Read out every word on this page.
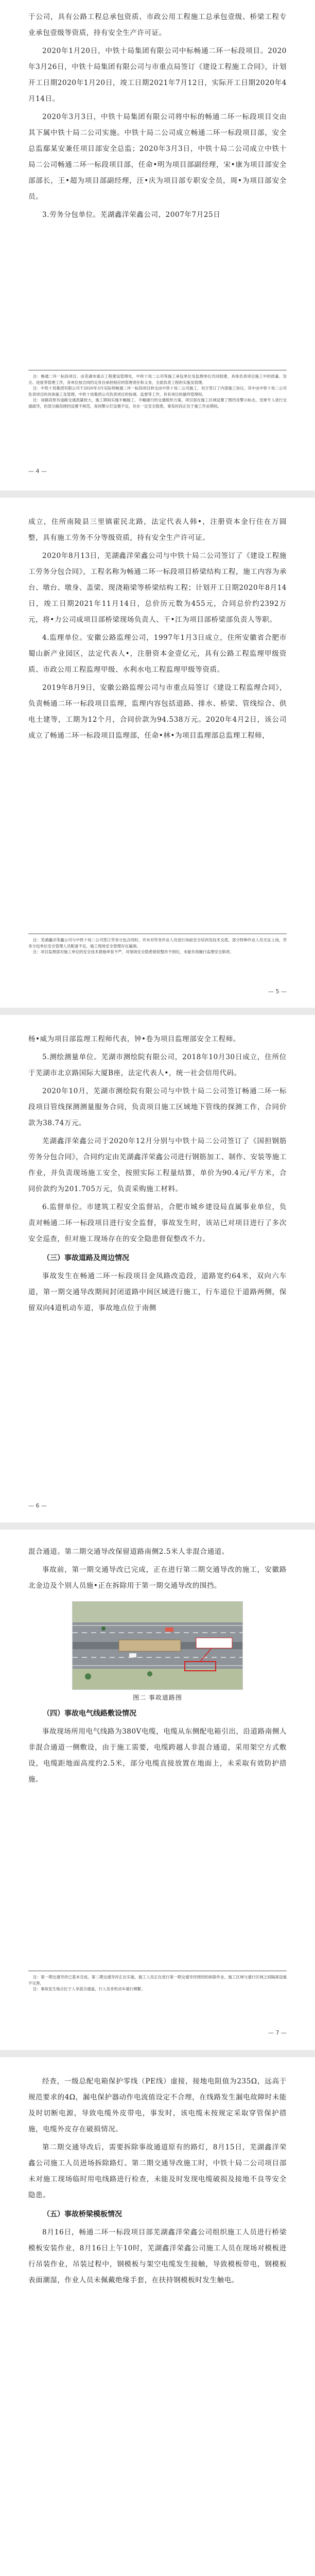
于公司，具有公路工程总承包资质、市政公用工程施工总承包壹级、桥梁工程专业承包壹级等资质，持有安全生产许可证。

2020年1月20日，中铁十局集团有限公司中标畅通二环一标段项目。2020年3月26日，中铁十局集团有限公司与市重点局签订《建设工程施工合同》，计划开工日期2020年1月20日，竣工日期2021年7月12日，实际开工日期2020年4月14日。

2020年3月3日，中铁十局集团有限公司将中标的畅通二环一标段项目交由其下属中铁十局二公司实施。中铁十局二公司成立畅通二环一标段项目部，安全总监鄢某安兼任项目部安全总监；2020年3月3日，中铁十局二公司成立中铁十局二公司畅通二环一标段项目部，任命•明为项目部副经理，宋•康为项目部安全部部长，王•超为项目部副经理，汪•庆为项目部专职安全员，周•为项目部安全员。

3.劳务分包单位。芜湖鑫洋荣鑫公司，2007年7月25日

注：畅通二环一标段项目，由芜湖市重点工程建设管理处，中铁十局二公司等施工承包单位及监理单位共同组建，具体负责项目施工中的质量、安全、进度等管理工作，各单位按合同约定各自承担相应的管理责任和义务，全面负责工程的实施及管理。

注：中铁十局集团有限公司于2020年3月实际将畅通二环一标段项目转交由中铁十局二公司施工，双方签订了内部施工协议，其中由中铁十局二公司负责项目的具体施工及管理，中铁十局集团公司负责项目的协调、监督等工作，具有项目的最终管理权。

注：该路段原有道路交通流量较大，施工期间实施半幅施工、半幅通行的交通组织方案，项目部在施工区域设置了围挡及警示标志，安排专人进行交通疏导，但部分路段围挡设置不规范，夜间警示灯设置不足，存在一定安全隐患，事发时段正处于施工作业期间。

— 4 —

成立，住所南陵县三里镇霍民北路，法定代表人韩•，注册资本金行住在万圆整，具有施工劳务不分等级资质，持有安全生产许可证。

2020年8月13日，芜湖鑫洋荣鑫公司与中铁十局二公司签订了《建设工程施工劳务分包合同》，工程名称为畅通二环一标段项目桥梁结构工程，施工内容为承台、墩台、墩身、盖梁、现浇箱梁等桥梁结构工程；计划开工日期2020年8月14日，竣工日期2021年11月14日，总价历元数为455元，合同总价约2392万元，将•力公司成项目部桥梁现场负责人、干•江为项目部桥梁部负责人等职。

4.监理单位。安徽公路监理公司，1997年1月3日成立，住所安徽省合肥市蜀山新产业园区，法定代表人•，注册资本金壹亿元，具有公路工程监理甲级资质、市政公用工程监理甲级、水利水电工程监理甲级等资质。

2019年8月9日，安徽公路监理公司与市重点局签订《建设工程监理合同》，负责畅通二环一标段项目监理，监理内容包括道路、排水、桥梁、管线综合、供电土建等，工期为12个月，合同价款为94.538万元。2020年4月2日，该公司成立了畅通二环一标段项目监理部，任命•林•为项目监理部总监理工程师，

注：芜湖鑫洋荣鑫公司与中铁十局二公司签订劳务分包合同时，并未对劳务作业人员进行岗前安全培训及技术交底，部分特种作业人员无证上岗，劳务分包单位安全管理人员配备不足，施工现场安全管理存在漏洞。

注：项目监理部对施工单位的安全技术措施审查不严，对现场安全隐患督促整改不到位，未能有效履行监理安全职责。

— 5 —

杨•威为项目部监理工程师代表，钟•卷为项目监理部安全工程师。

5.测绘测量单位。芜湖市测绘院有限公司，2018年10月30日成立，住所位于芜湖市北京路国际大厦B座，法定代表人•，统一社会信用代码。

2020年10月，芜湖市测绘院有限公司与中铁十局二公司签订畅通二环一标段项目管线探测测量服务合同，负责项目施工区域地下管线的探测工作，合同价款为38.74万元。

芜湖鑫洋荣鑫公司于2020年12月分别与中铁十局二公司签订了《国担钢筋劳务分包合同》，合同约定由芜湖鑫洋荣鑫公司进行钢筋加工、制作、安装等施工作业，并负责现场施工安全，按照实际工程量结算，单价为90.4元/平方米，合同价款约为201.705万元，负责采购施工材料。

6.监督单位。市建筑工程安全监督站，合肥市城乡建设局直属事业单位，负责对畅通二环一标段项目进行安全监督，事故发生时，该站已对项目进行了多次安全巡查，但对施工现场存在的安全隐患督促整改不力。

（三）事故道路及周边情况

事故发生在畅通二环一标段项目金凤路改造段，道路宽约64米，双向六车道，第一期交通导改期间封闭道路中间区域进行施工，行车道位于道路两侧，保留双向4道机动车道，事故地点位于南侧

— 6 —

混合通道。第二期交通导改保留道路南侧2.5米人非混合通道。

事故前，第一期交通导改已完成，正在进行第二期交通导改的施工，安徽路北金边及个别人员施•正在拆除用于第一期交通导改的围挡。

图二 事故道路图

（四）事故电气线路敷设情况

事故现场所用电气线路为380V电缆，电缆从东侧配电箱引出，沿道路南侧人非混合通道一侧敷设，由于施工需要，电缆跨越人非混合通道，采用架空方式敷设，电缆距地面高度约2.5米，部分电缆直接放置在地面上，未采取有效防护措施。

注：第一期交通导改已基本完成，第二期交通导改正在实施，施工人员正在进行第一期交通导改围挡的拆除作业，施工区域与通行区域之间隔离设施不完善。

注：事故发生地点位于人非混合通道，行人及非机动车通行频繁。

— 7 —

经查，一级总配电箱保护零线（PE线）虚接，接地电阻值为235Ω，远高于规范要求的4Ω，漏电保护器动作电流值设定不合理，在线路发生漏电故障时未能及时切断电源，导致电缆外皮带电，事发时，该电缆未按规定采取穿管保护措施，电缆外皮存在破损情况。

第二期交通导改后，需要拆除事故通道原有的路灯，8月15日，芜湖鑫洋荣鑫公司施工人员进场拆除路灯。第二期交通导改施工时，中铁十局二公司项目部未对施工现场临时用电线路进行检查，未能及时发现电缆破损及接地不良等安全隐患。

（五）事故桥梁模板情况

8月16日，畅通二环一标段项目部芜湖鑫洋荣鑫公司组织施工人员进行桥梁模板安装作业，8月16日上午10时，芜湖鑫洋荣鑫公司施工人员在现场对模板进行吊装作业，吊装过程中，钢模板与架空电缆发生接触，导致模板带电，钢模板表面潮湿，作业人员未佩戴绝缘手套，在扶持钢模板时发生触电。
